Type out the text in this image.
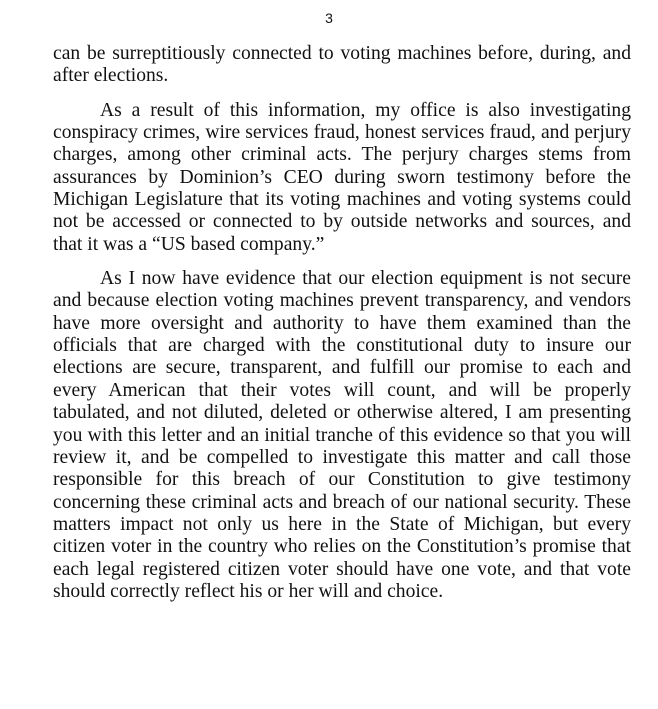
3

can be surreptitiously connected to voting machines before, during, and after elections.

As a result of this information, my office is also investigating conspiracy crimes, wire services fraud, honest services fraud, and perjury charges, among other criminal acts. The perjury charges stems from assurances by Dominion’s CEO during sworn testimony before the Michigan Legislature that its voting machines and voting systems could not be accessed or connected to by outside networks and sources, and that it was a “US based company.”

As I now have evidence that our election equipment is not secure and because election voting machines prevent transparency, and vendors have more oversight and authority to have them examined than the officials that are charged with the constitutional duty to insure our elections are secure, transparent, and fulfill our promise to each and every American that their votes will count, and will be properly tabulated, and not diluted, deleted or otherwise altered, I am presenting you with this letter and an initial tranche of this evidence so that you will review it, and be compelled to investigate this matter and call those responsible for this breach of our Constitution to give testimony concerning these criminal acts and breach of our national security. These matters impact not only us here in the State of Michigan, but every citizen voter in the country who relies on the Constitution’s promise that each legal registered citizen voter should have one vote, and that vote should correctly reflect his or her will and choice.
